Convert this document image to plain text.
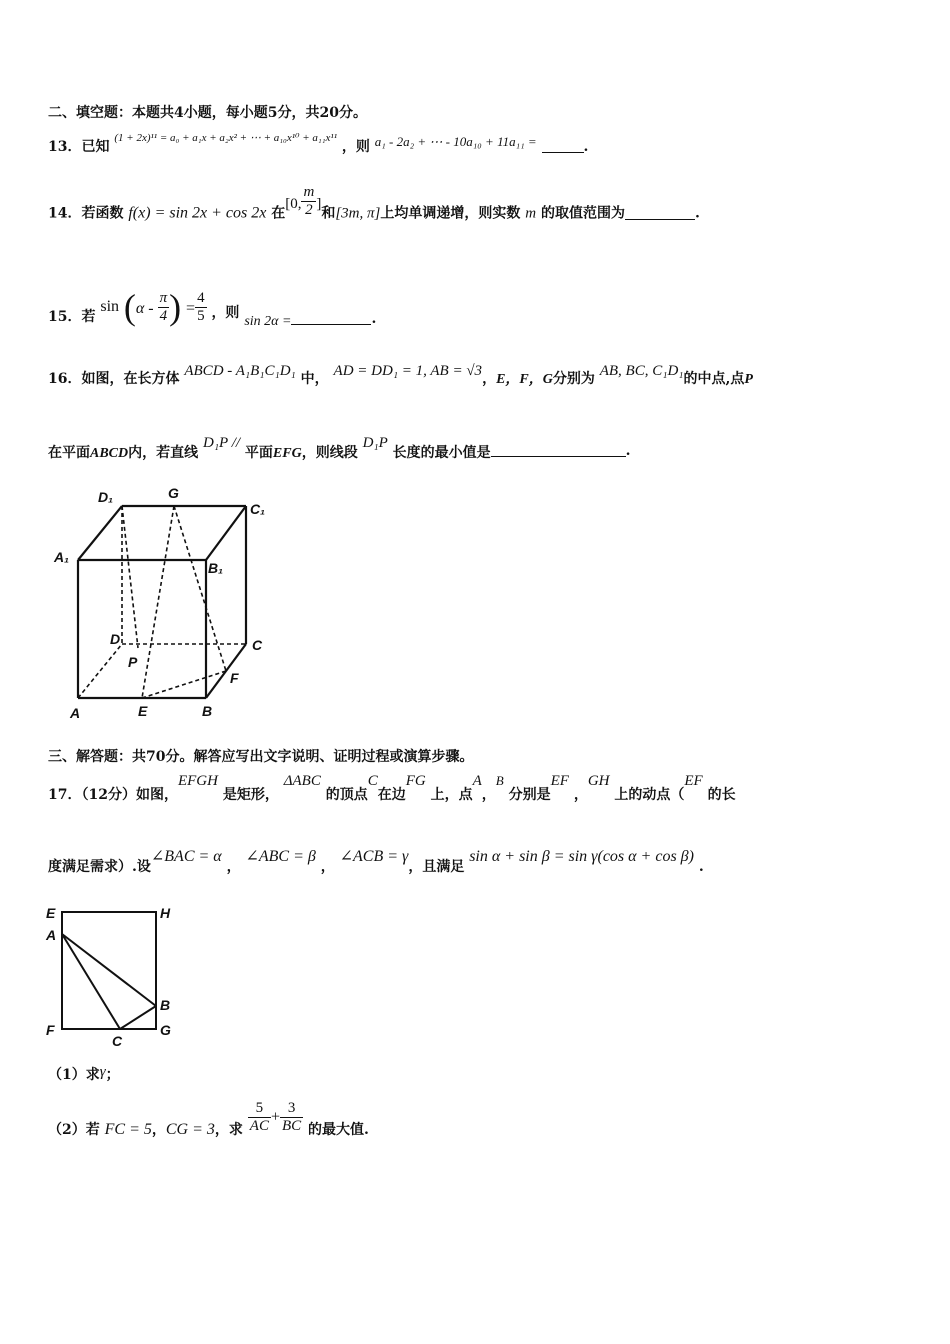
二、填空题：本题共4小题，每小题5分，共20分。
13．已知 $^{(1 + 2x)^{11} = a_0 + a_1x + a_2x^2 + \cdots + a_{10}x^{10} + a_{11}x^{11}}$ ，则 a₁ - 2a₂ + ⋯ - 10a₁₀ + 11a₁₁ =	.
14．若函数 f(x) = sin 2x + cos 2x 在[0, $\frac{m}{2}$ ]和[3m, π]上均单调递增，则实数 m 的取值范围为	.
15．若 $\sin (\alpha - \frac{\pi}{4}$ ) = $\frac{4}{5}$ ，则 sin 2α =	.
16．如图，在长方体 ABCD - A₁B₁C₁D₁ 中， AD = DD₁ = 1, AB = √3，E，F，G分别为 AB, BC, C₁D₁的中点,点P
在平面ABCD内，若直线 D₁P // 平面EFG，则线段 D₁P 长度的最小值是	.
D₁	G
C₁
A₁
B₁
D	C
P
F
A	E	B
三、解答题：共70分。解答应写出文字说明、证明过程或演算步骤。
17．（12分）如图，EFGH 是矩形， ΔABC 的顶点C在边FG 上，点A，B 分别是EF ，GH 上的动点（EF 的长
度满足需求）.设∠BAC = α ， ∠ABC = β ， ∠ACB = γ，且满足 sin α + sin β = sin γ(cos α + cos β) .
E	H
A
B
F
C
G
（1）求γ；
（2）若 FC = 5，CG = 3，求 $\frac{5}{AC} + \frac{3}{BC}$ 的最大值.
